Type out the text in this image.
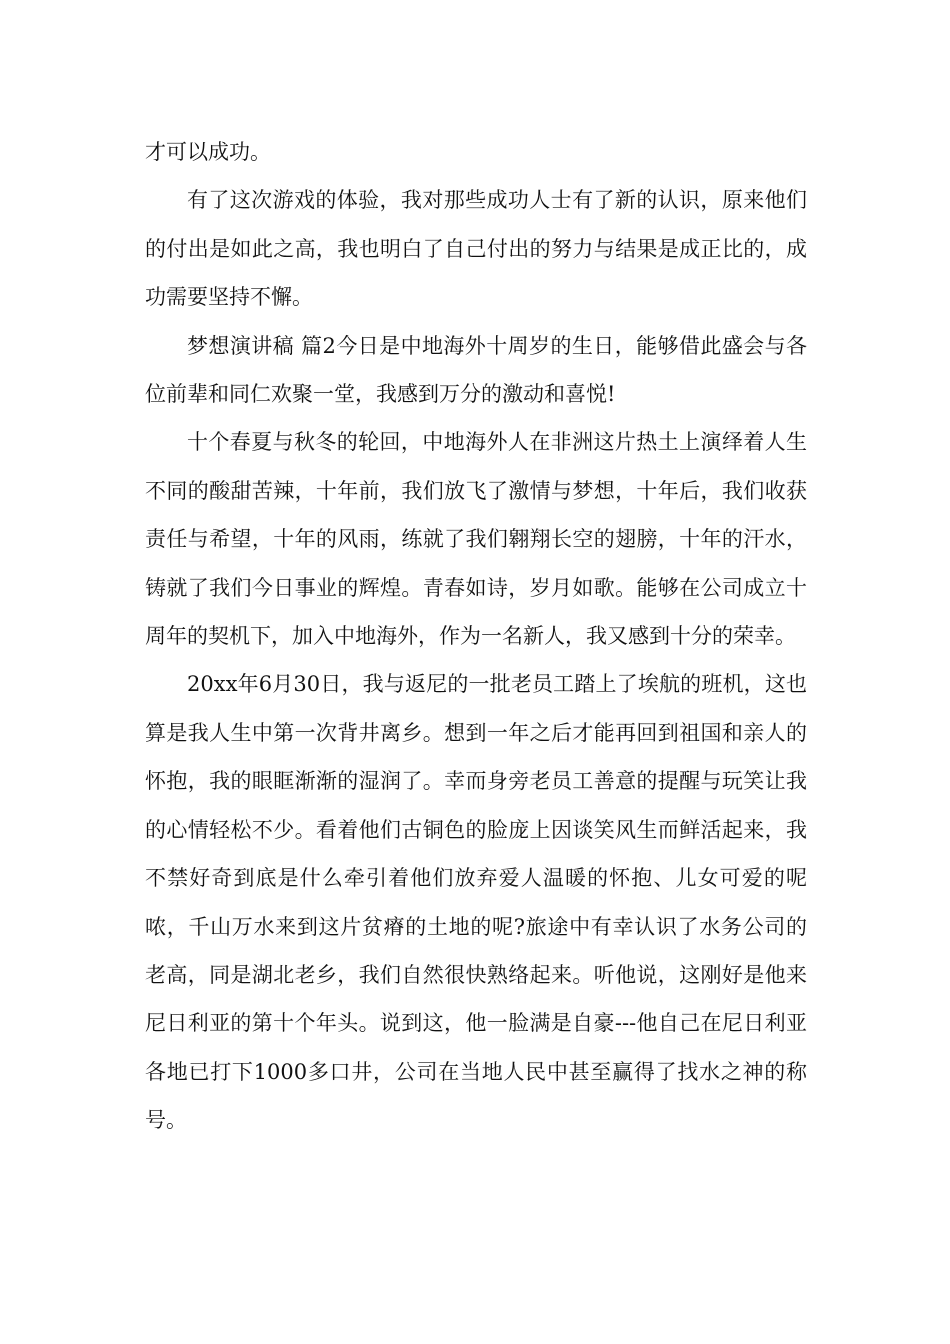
才可以成功。

有了这次游戏的体验，我对那些成功人士有了新的认识，原来他们的付出是如此之高，我也明白了自己付出的努力与结果是成正比的，成功需要坚持不懈。

梦想演讲稿 篇2今日是中地海外十周岁的生日，能够借此盛会与各位前辈和同仁欢聚一堂，我感到万分的激动和喜悦!

十个春夏与秋冬的轮回，中地海外人在非洲这片热土上演绎着人生不同的酸甜苦辣，十年前，我们放飞了激情与梦想，十年后，我们收获责任与希望，十年的风雨，练就了我们翱翔长空的翅膀，十年的汗水，铸就了我们今日事业的辉煌。青春如诗，岁月如歌。能够在公司成立十周年的契机下，加入中地海外，作为一名新人，我又感到十分的荣幸。

20xx年6月30日，我与返尼的一批老员工踏上了埃航的班机，这也算是我人生中第一次背井离乡。想到一年之后才能再回到祖国和亲人的怀抱，我的眼眶渐渐的湿润了。幸而身旁老员工善意的提醒与玩笑让我的心情轻松不少。看着他们古铜色的脸庞上因谈笑风生而鲜活起来，我不禁好奇到底是什么牵引着他们放弃爱人温暖的怀抱、儿女可爱的呢哝，千山万水来到这片贫瘠的土地的呢?旅途中有幸认识了水务公司的老高，同是湖北老乡，我们自然很快熟络起来。听他说，这刚好是他来尼日利亚的第十个年头。说到这，他一脸满是自豪---他自己在尼日利亚各地已打下1000多口井，公司在当地人民中甚至赢得了找水之神的称号。
